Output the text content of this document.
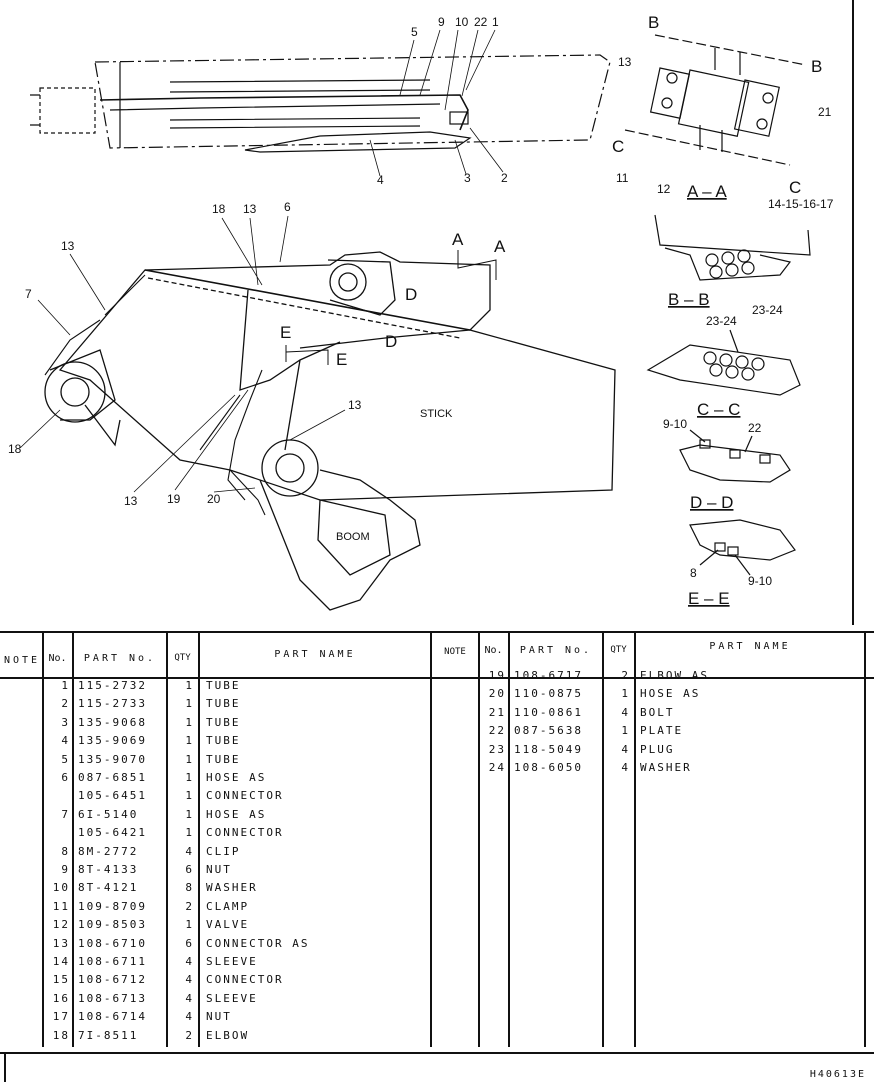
9 10 22 1
5
4	3	2
18 13 6
13
7
18
13 19 20
13
A A
D
E
E
D
STICK
BOOM
B
B
C
C
13
21
11
12
14-15-16-17
A – A
B – B
23-24
23-24
C – C
9-10	22
D – D
8
9-10
E – E
NOTE No.	PART No.	QTY	PART NAME	NOTE	No.	PART No.	QTY	PART NAME
1 115-2732	1 TUBE
2 115-2733	1 TUBE
3 135-9068	1 TUBE
4 135-9069	1 TUBE
5 135-9070	1 TUBE
6 087-6851	1 HOSE AS
105-6451	1 CONNECTOR
7 6I-5140	1 HOSE AS
105-6421	1 CONNECTOR
8 8M-2772	4 CLIP
9 8T-4133	6 NUT
10 8T-4121	8 WASHER
11 109-8709	2 CLAMP
12 109-8503	1 VALVE
13 108-6710	6 CONNECTOR AS
14 108-6711	4 SLEEVE
15 108-6712	4 CONNECTOR
16 108-6713	4 SLEEVE
17 108-6714	4 NUT
18 7I-8511	2 ELBOW
19 108-6717	2 ELBOW AS
20 110-0875	1 HOSE AS
21 110-0861	4 BOLT
22 087-5638	1 PLATE
23 118-5049	4 PLUG
24 108-6050	4 WASHER
H40613E
